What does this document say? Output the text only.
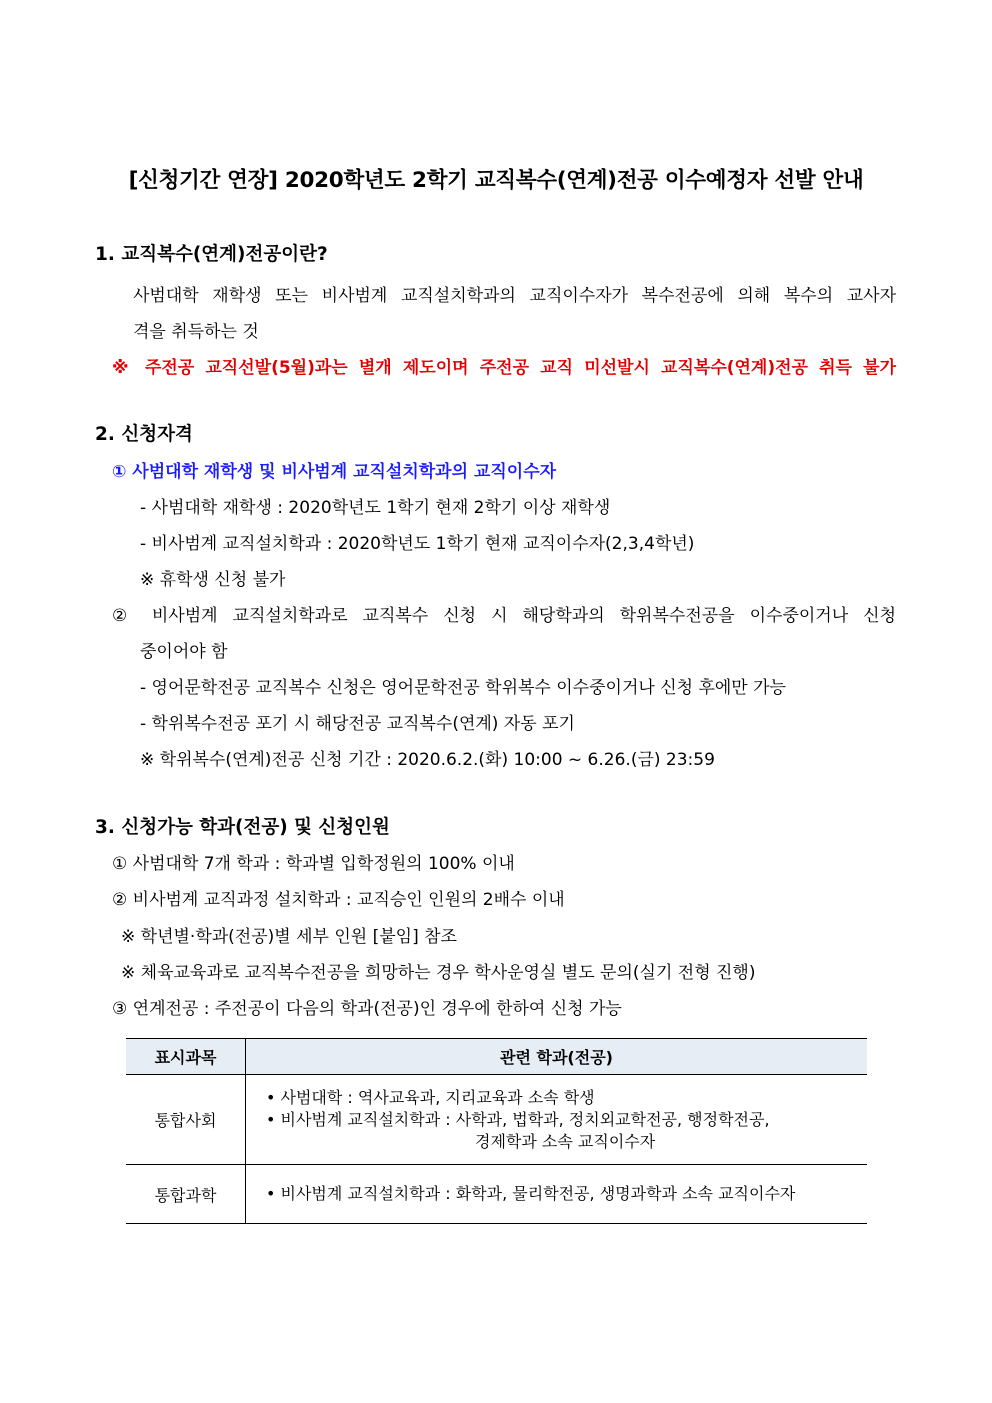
[신청기간 연장] 2020학년도 2학기 교직복수(연계)전공 이수예정자 선발 안내
1. 교직복수(연계)전공이란?
사범대학 재학생 또는 비사범계 교직설치학과의 교직이수자가 복수전공에 의해 복수의 교사자
격을 취득하는 것
※ 주전공 교직선발(5월)과는 별개 제도이며 주전공 교직 미선발시 교직복수(연계)전공 취득 불가
2. 신청자격
① 사범대학 재학생 및 비사범계 교직설치학과의 교직이수자
- 사범대학 재학생 : 2020학년도 1학기 현재 2학기 이상 재학생
- 비사범계 교직설치학과 : 2020학년도 1학기 현재 교직이수자(2,3,4학년)
※ 휴학생 신청 불가
② 비사범계 교직설치학과로 교직복수 신청 시 해당학과의 학위복수전공을 이수중이거나 신청
중이어야 함
- 영어문학전공 교직복수 신청은 영어문학전공 학위복수 이수중이거나 신청 후에만 가능
- 학위복수전공 포기 시 해당전공 교직복수(연계) 자동 포기
※ 학위복수(연계)전공 신청 기간 : 2020.6.2.(화) 10:00 ~ 6.26.(금) 23:59
3. 신청가능 학과(전공) 및 신청인원
① 사범대학 7개 학과 : 학과별 입학정원의 100% 이내
② 비사범계 교직과정 설치학과 : 교직승인 인원의 2배수 이내
※ 학년별·학과(전공)별 세부 인원 [붙임] 참조
※ 체육교육과로 교직복수전공을 희망하는 경우 학사운영실 별도 문의(실기 전형 진행)
③ 연계전공 : 주전공이 다음의 학과(전공)인 경우에 한하여 신청 가능
표시과목	관련 학과(전공)
통합사회	• 사범대학 : 역사교육과, 지리교육과 소속 학생
• 비사범계 교직설치학과 : 사학과, 법학과, 정치외교학전공, 행정학전공,
경제학과 소속 교직이수자

통합과학	• 비사범계 교직설치학과 : 화학과, 물리학전공, 생명과학과 소속 교직이수자
